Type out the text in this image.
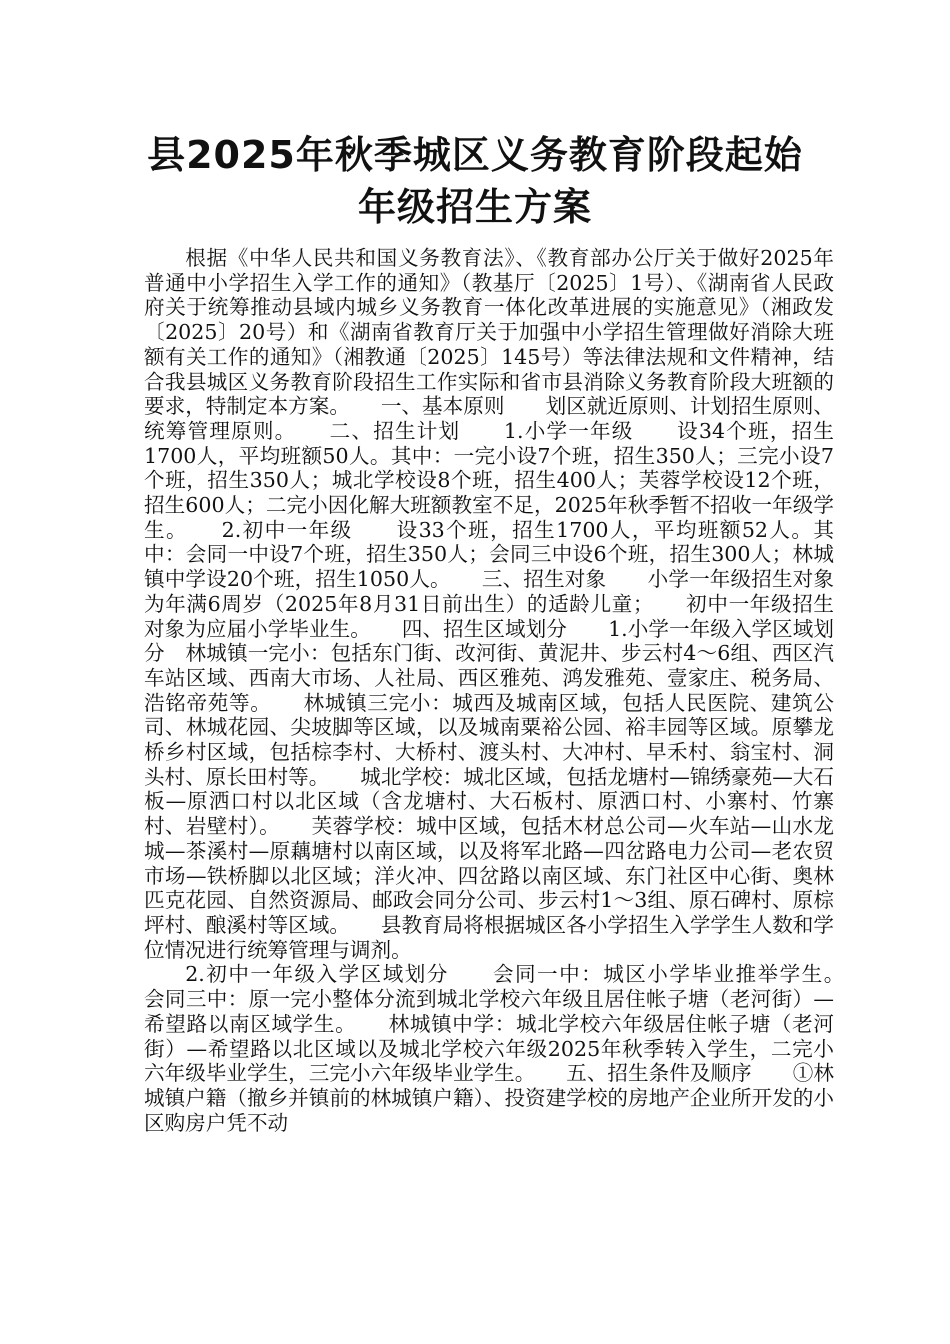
县2025年秋季城区义务教育阶段起始
年级招生方案

根据《中华人民共和国义务教育法》、《教育部办公厅关于做好2025年普通中小学招生入学工作的通知》（教基厅〔2025〕1号）、《湖南省人民政府关于统筹推动县域内城乡义务教育一体化改革进展的实施意见》（湘政发〔2025〕20号）和《湖南省教育厅关于加强中小学招生管理做好消除大班额有关工作的通知》（湘教通〔2025〕145号）等法律法规和文件精神，结合我县城区义务教育阶段招生工作实际和省市县消除义务教育阶段大班额的要求，特制定本方案。　　一、基本原则　　划区就近原则、计划招生原则、统筹管理原则。　　二、招生计划　　1.小学一年级　　设34个班，招生1700人，平均班额50人。其中：一完小设7个班，招生350人；三完小设7个班，招生350人；城北学校设8个班，招生400人；芙蓉学校设12个班，招生600人；二完小因化解大班额教室不足，2025年秋季暂不招收一年级学生。　　2.初中一年级　　设33个班，招生1700人，平均班额52人。其中：会同一中设7个班，招生350人；会同三中设6个班，招生300人；林城镇中学设20个班，招生1050人。　　三、招生对象　　小学一年级招生对象为年满6周岁（2025年8月31日前出生）的适龄儿童；　　初中一年级招生对象为应届小学毕业生。　　四、招生区域划分　　1.小学一年级入学区域划分　林城镇一完小：包括东门街、改河街、黄泥井、步云村4～6组、西区汽车站区域、西南大市场、人社局、西区雅苑、鸿发雅苑、壹家庄、税务局、浩铭帝苑等。　　林城镇三完小：城西及城南区域，包括人民医院、建筑公司、林城花园、尖坡脚等区域，以及城南粟裕公园、裕丰园等区域。原攀龙桥乡村区域，包括棕李村、大桥村、渡头村、大冲村、早禾村、翁宝村、洞头村、原长田村等。　　城北学校：城北区域，包括龙塘村—锦绣豪苑—大石板—原洒口村以北区域（含龙塘村、大石板村、原洒口村、小寨村、竹寨村、岩壁村）。　　芙蓉学校：城中区域，包括木材总公司—火车站—山水龙城—茶溪村—原藕塘村以南区域，以及将军北路—四岔路电力公司—老农贸市场—铁桥脚以北区域；洋火冲、四岔路以南区域、东门社区中心街、奥林匹克花园、自然资源局、邮政会同分公司、步云村1～3组、原石碑村、原棕坪村、酿溪村等区域。　　县教育局将根据城区各小学招生入学学生人数和学位情况进行统筹管理与调剂。

2.初中一年级入学区域划分　　会同一中：城区小学毕业推举学生。　　会同三中：原一完小整体分流到城北学校六年级且居住帐子塘（老河街）—希望路以南区域学生。　　林城镇中学：城北学校六年级居住帐子塘（老河街）—希望路以北区域以及城北学校六年级2025年秋季转入学生，二完小六年级毕业学生，三完小六年级毕业学生。　　五、招生条件及顺序　　①林城镇户籍（撤乡并镇前的林城镇户籍）、投资建学校的房地产企业所开发的小区购房户凭不动
